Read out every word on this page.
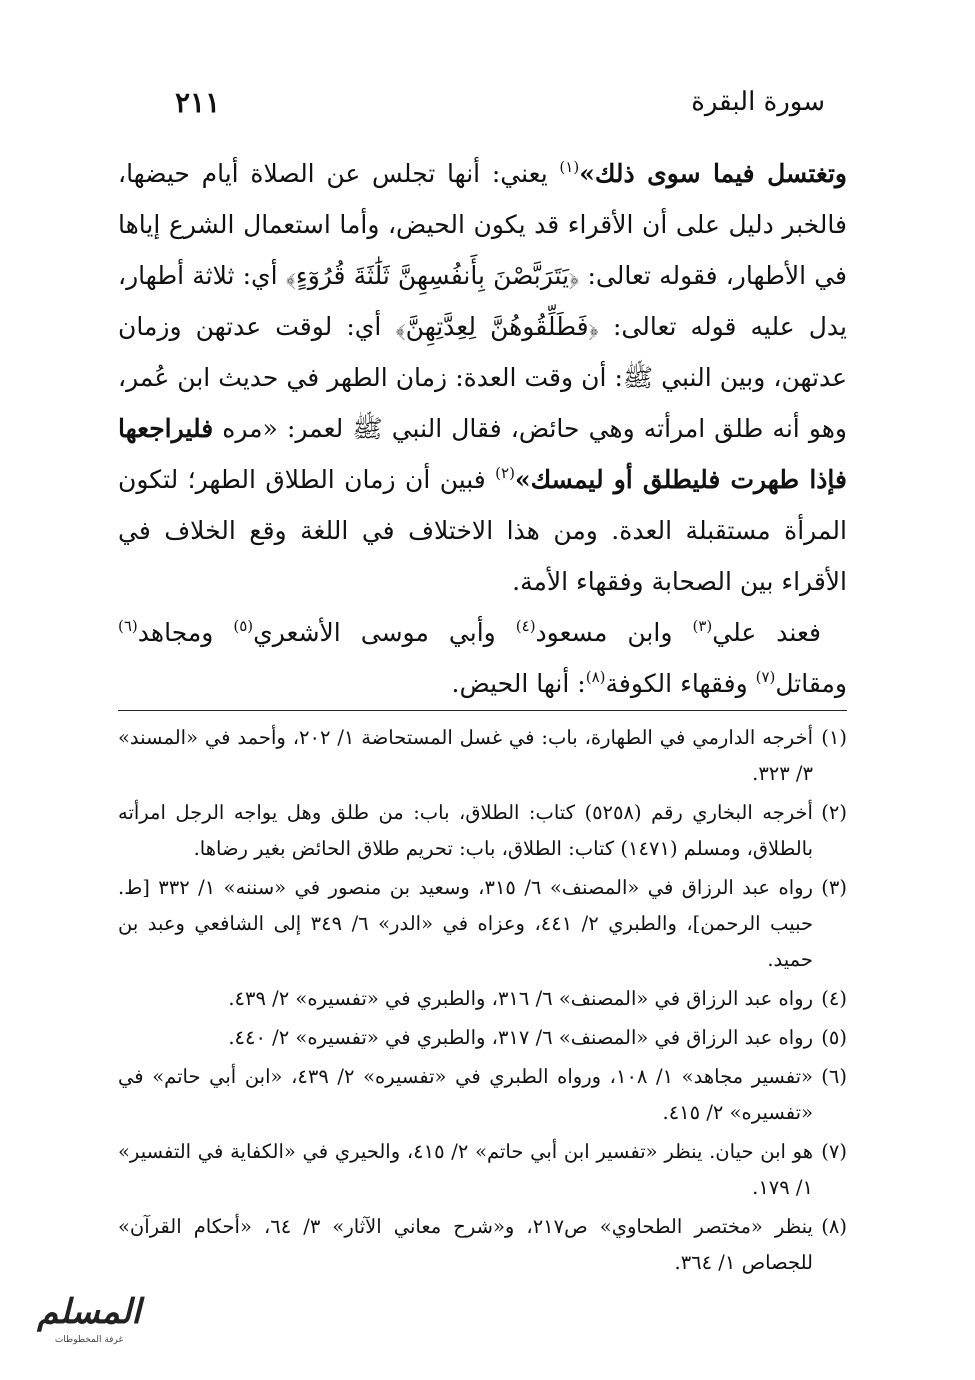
سورة البقرة
٢١١

وتغتسل فيما سوى ذلك»$^{(١)}$ يعني: أنها تجلس عن الصلاة أيام حيضها، فالخبر دليل على أن الأقراء قد يكون الحيض، وأما استعمال الشرع إياها في الأطهار، فقوله تعالى: ﴿يَتَرَبَّصْنَ بِأَنفُسِهِنَّ ثَلَٰثَةَ قُرُوٓءٍ﴾ أي: ثلاثة أطهار، يدل عليه قوله تعالى: ﴿فَطَلِّقُوهُنَّ لِعِدَّتِهِنَّ﴾ أي: لوقت عدتهن وزمان عدتهن، وبين النبي ﷺ: أن وقت العدة: زمان الطهر في حديث ابن عُمر، وهو أنه طلق امرأته وهي حائض، فقال النبي ﷺ لعمر: «مره فليراجعها فإذا طهرت فليطلق أو ليمسك»$^{(٢)}$ فبين أن زمان الطلاق الطهر؛ لتكون المرأة مستقبلة العدة. ومن هذا الاختلاف في اللغة وقع الخلاف في الأقراء بين الصحابة وفقهاء الأمة.

فعند علي$^{(٣)}$ وابن مسعود$^{(٤)}$ وأبي موسى الأشعري$^{(٥)}$ ومجاهد$^{(٦)}$ ومقاتل$^{(٧)}$ وفقهاء الكوفة$^{(٨)}$: أنها الحيض.

(١)أخرجه الدارمي في الطهارة، باب: في غسل المستحاضة ١/ ٢٠٢، وأحمد في «المسند» ٣/ ٣٢٣.

(٢)أخرجه البخاري رقم (٥٢٥٨) كتاب: الطلاق، باب: من طلق وهل يواجه الرجل امرأته بالطلاق، ومسلم (١٤٧١) كتاب: الطلاق، باب: تحريم طلاق الحائض بغير رضاها.

(٣)رواه عبد الرزاق في «المصنف» ٦/ ٣١٥، وسعيد بن منصور في «سننه» ١/ ٣٣٢ [ط. حبيب الرحمن]، والطبري ٢/ ٤٤١، وعزاه في «الدر» ٦/ ٣٤٩ إلى الشافعي وعبد بن حميد.

(٤)رواه عبد الرزاق في «المصنف» ٦/ ٣١٦، والطبري في «تفسيره» ٢/ ٤٣٩.

(٥)رواه عبد الرزاق في «المصنف» ٦/ ٣١٧، والطبري في «تفسيره» ٢/ ٤٤٠.

(٦)«تفسير مجاهد» ١/ ١٠٨، ورواه الطبري في «تفسيره» ٢/ ٤٣٩، «ابن أبي حاتم» في «تفسيره» ٢/ ٤١٥.

(٧)هو ابن حيان. ينظر «تفسير ابن أبي حاتم» ٢/ ٤١٥، والحيري في «الكفاية في التفسير» ١/ ١٧٩.

(٨)ينظر «مختصر الطحاوي» ص٢١٧، و«شرح معاني الآثار» ٣/ ٦٤، «أحكام القرآن» للجصاص ١/ ٣٦٤.

المسلم
غرفة المخطوطات
